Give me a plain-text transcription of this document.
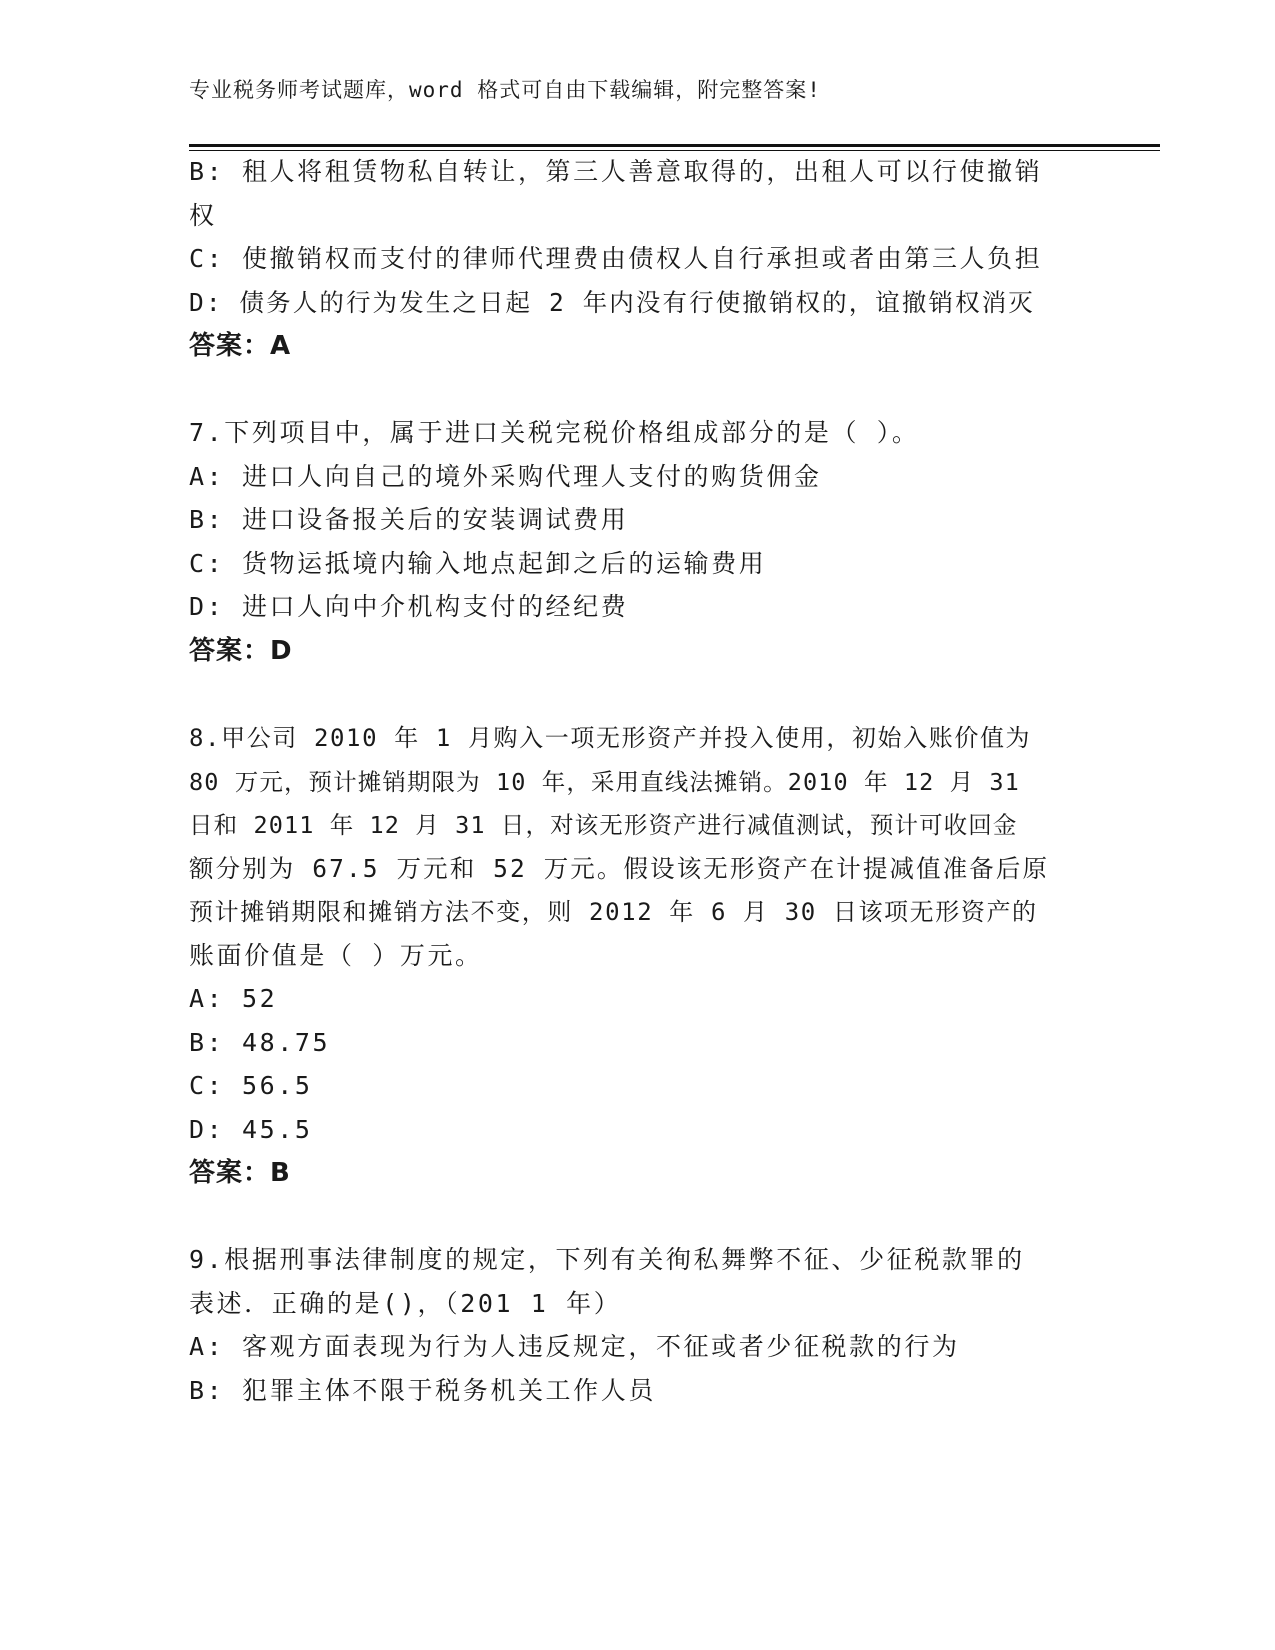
专业税务师考试题库，word 格式可自由下载编辑，附完整答案!
B: 租人将租赁物私自转让，第三人善意取得的，出租人可以行使撤销
权
C: 使撤销权而支付的律师代理费由债权人自行承担或者由第三人负担
D: 债务人的行为发生之日起 2 年内没有行使撤销权的，谊撤销权消灭
答案：A
7.下列项目中，属于进口关税完税价格组成部分的是（ ）。
A: 进口人向自己的境外采购代理人支付的购货佣金
B: 进口设备报关后的安装调试费用
C: 货物运抵境内输入地点起卸之后的运输费用
D: 进口人向中介机构支付的经纪费
答案：D
8.甲公司 2010 年 1 月购入一项无形资产并投入使用，初始入账价值为
80 万元，预计摊销期限为 10 年，采用直线法摊销。2010 年 12 月 31
日和 2011 年 12 月 31 日，对该无形资产进行减值测试，预计可收回金
额分别为 67.5 万元和 52 万元。假设该无形资产在计提减值准备后原
预计摊销期限和摊销方法不变，则 2012 年 6 月 30 日该项无形资产的
账面价值是（ ）万元。
A: 52
B: 48.75
C: 56.5
D: 45.5
答案：B
9.根据刑事法律制度的规定，下列有关徇私舞弊不征、少征税款罪的
表述．正确的是()，（201 1 年）
A: 客观方面表现为行为人违反规定，不征或者少征税款的行为
B: 犯罪主体不限于税务机关工作人员
